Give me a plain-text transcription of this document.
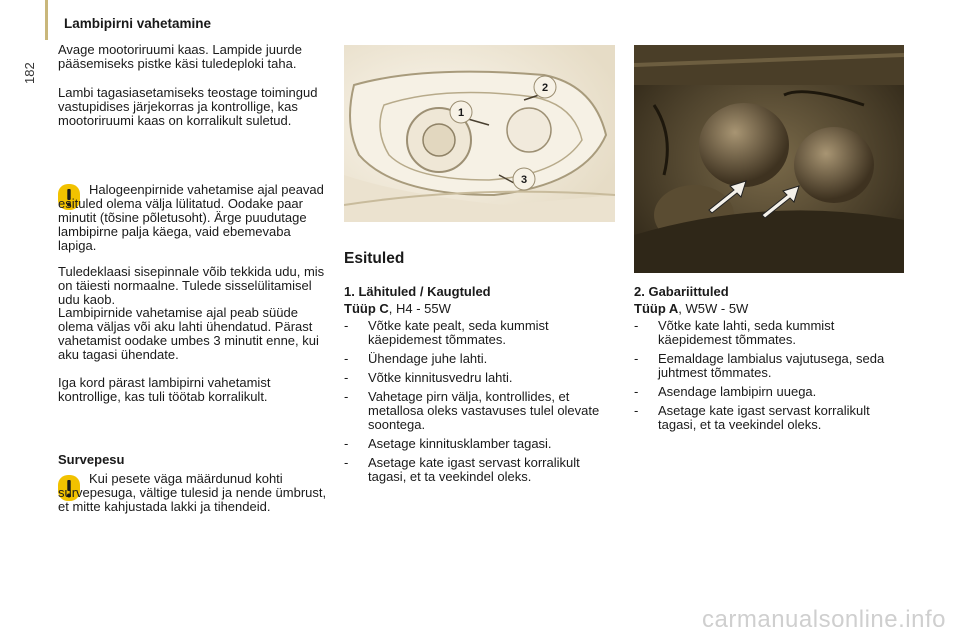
182
Lambipirni vahetamine
Avage mootoriruumi kaas. Lampide juurde pääsemiseks pistke käsi tuledeploki taha.
Lambi tagasiasetamiseks teostage toimingud vastupidises järjekorras ja kontrollige, kas mootoriruumi kaas on korralikult suletud.
Halogeenpirnide vahetamise ajal peavad esituled olema välja lülitatud. Oodake paar minutit (tõsine põletusoht). Ärge puudutage lambipirne palja käega, vaid ebemevaba lapiga.
Tuledeklaasi sisepinnale võib tekkida udu, mis on täiesti normaalne. Tulede sisselülitamisel udu kaob.
Lambipirnide vahetamise ajal peab süüde olema väljas või aku lahti ühendatud. Pärast vahetamist oodake umbes 3 minutit enne, kui aku tagasi ühendate.
Iga kord pärast lambipirni vahetamist kontrollige, kas tuli töötab korralikult.
Survepesu
Kui pesete väga määrdunud kohti survepesuga, vältige tulesid ja nende ümbrust, et mitte kahjustada lakki ja tihendeid.
1
2
3
Esituled
1. Lähituled / Kaugtuled
Tüüp C, H4 - 55W
- Võtke kate pealt, seda kummist käepidemest tõmmates.
- Ühendage juhe lahti.
- Võtke kinnitusvedru lahti.
- Vahetage pirn välja, kontrollides, et metallosa oleks vastavuses tulel olevate soontega.
- Asetage kinnitusklamber tagasi.
- Asetage kate igast servast korralikult tagasi, et ta veekindel oleks.
2. Gabariittuled
Tüüp A, W5W - 5W
- Võtke kate lahti, seda kummist käepidemest tõmmates.
- Eemaldage lambialus vajutusega, seda juhtmest tõmmates.
- Asendage lambipirn uuega.
- Asetage kate igast servast korralikult tagasi, et ta veekindel oleks.
carmanualsonline.info
